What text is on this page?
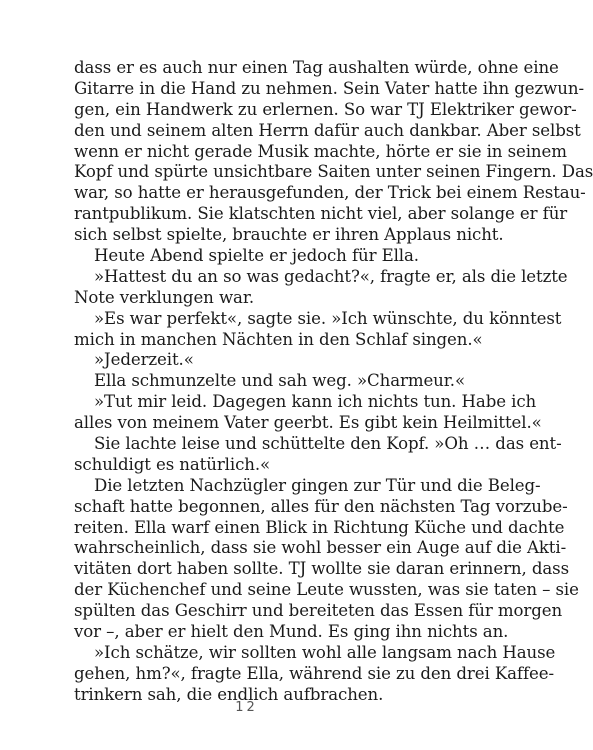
dass er es auch nur einen Tag aushalten würde, ohne eine
Gitarre in die Hand zu nehmen. Sein Vater hatte ihn gezwun-
gen, ein Handwerk zu erlernen. So war TJ Elektriker gewor-
den und seinem alten Herrn dafür auch dankbar. Aber selbst
wenn er nicht gerade Musik machte, hörte er sie in seinem
Kopf und spürte unsichtbare Saiten unter seinen Fingern. Das
war, so hatte er herausgefunden, der Trick bei einem Restau-
rantpublikum. Sie klatschten nicht viel, aber solange er für
sich selbst spielte, brauchte er ihren Applaus nicht.
Heute Abend spielte er jedoch für Ella.
»Hattest du an so was gedacht?«, fragte er, als die letzte
Note verklungen war.
»Es war perfekt«, sagte sie. »Ich wünschte, du könntest
mich in manchen Nächten in den Schlaf singen.«
»Jederzeit.«
Ella schmunzelte und sah weg. »Charmeur.«
»Tut mir leid. Dagegen kann ich nichts tun. Habe ich
alles von meinem Vater geerbt. Es gibt kein Heilmittel.«
Sie lachte leise und schüttelte den Kopf. »Oh … das ent-
schuldigt es natürlich.«
Die letzten Nachzügler gingen zur Tür und die Beleg-
schaft hatte begonnen, alles für den nächsten Tag vorzube-
reiten. Ella warf einen Blick in Richtung Küche und dachte
wahrscheinlich, dass sie wohl besser ein Auge auf die Akti-
vitäten dort haben sollte. TJ wollte sie daran erinnern, dass
der Küchenchef und seine Leute wussten, was sie taten – sie
spülten das Geschirr und bereiteten das Essen für morgen
vor –, aber er hielt den Mund. Es ging ihn nichts an.
»Ich schätze, wir sollten wohl alle langsam nach Hause
gehen, hm?«, fragte Ella, während sie zu den drei Kaffee-
trinkern sah, die endlich aufbrachen.
12
